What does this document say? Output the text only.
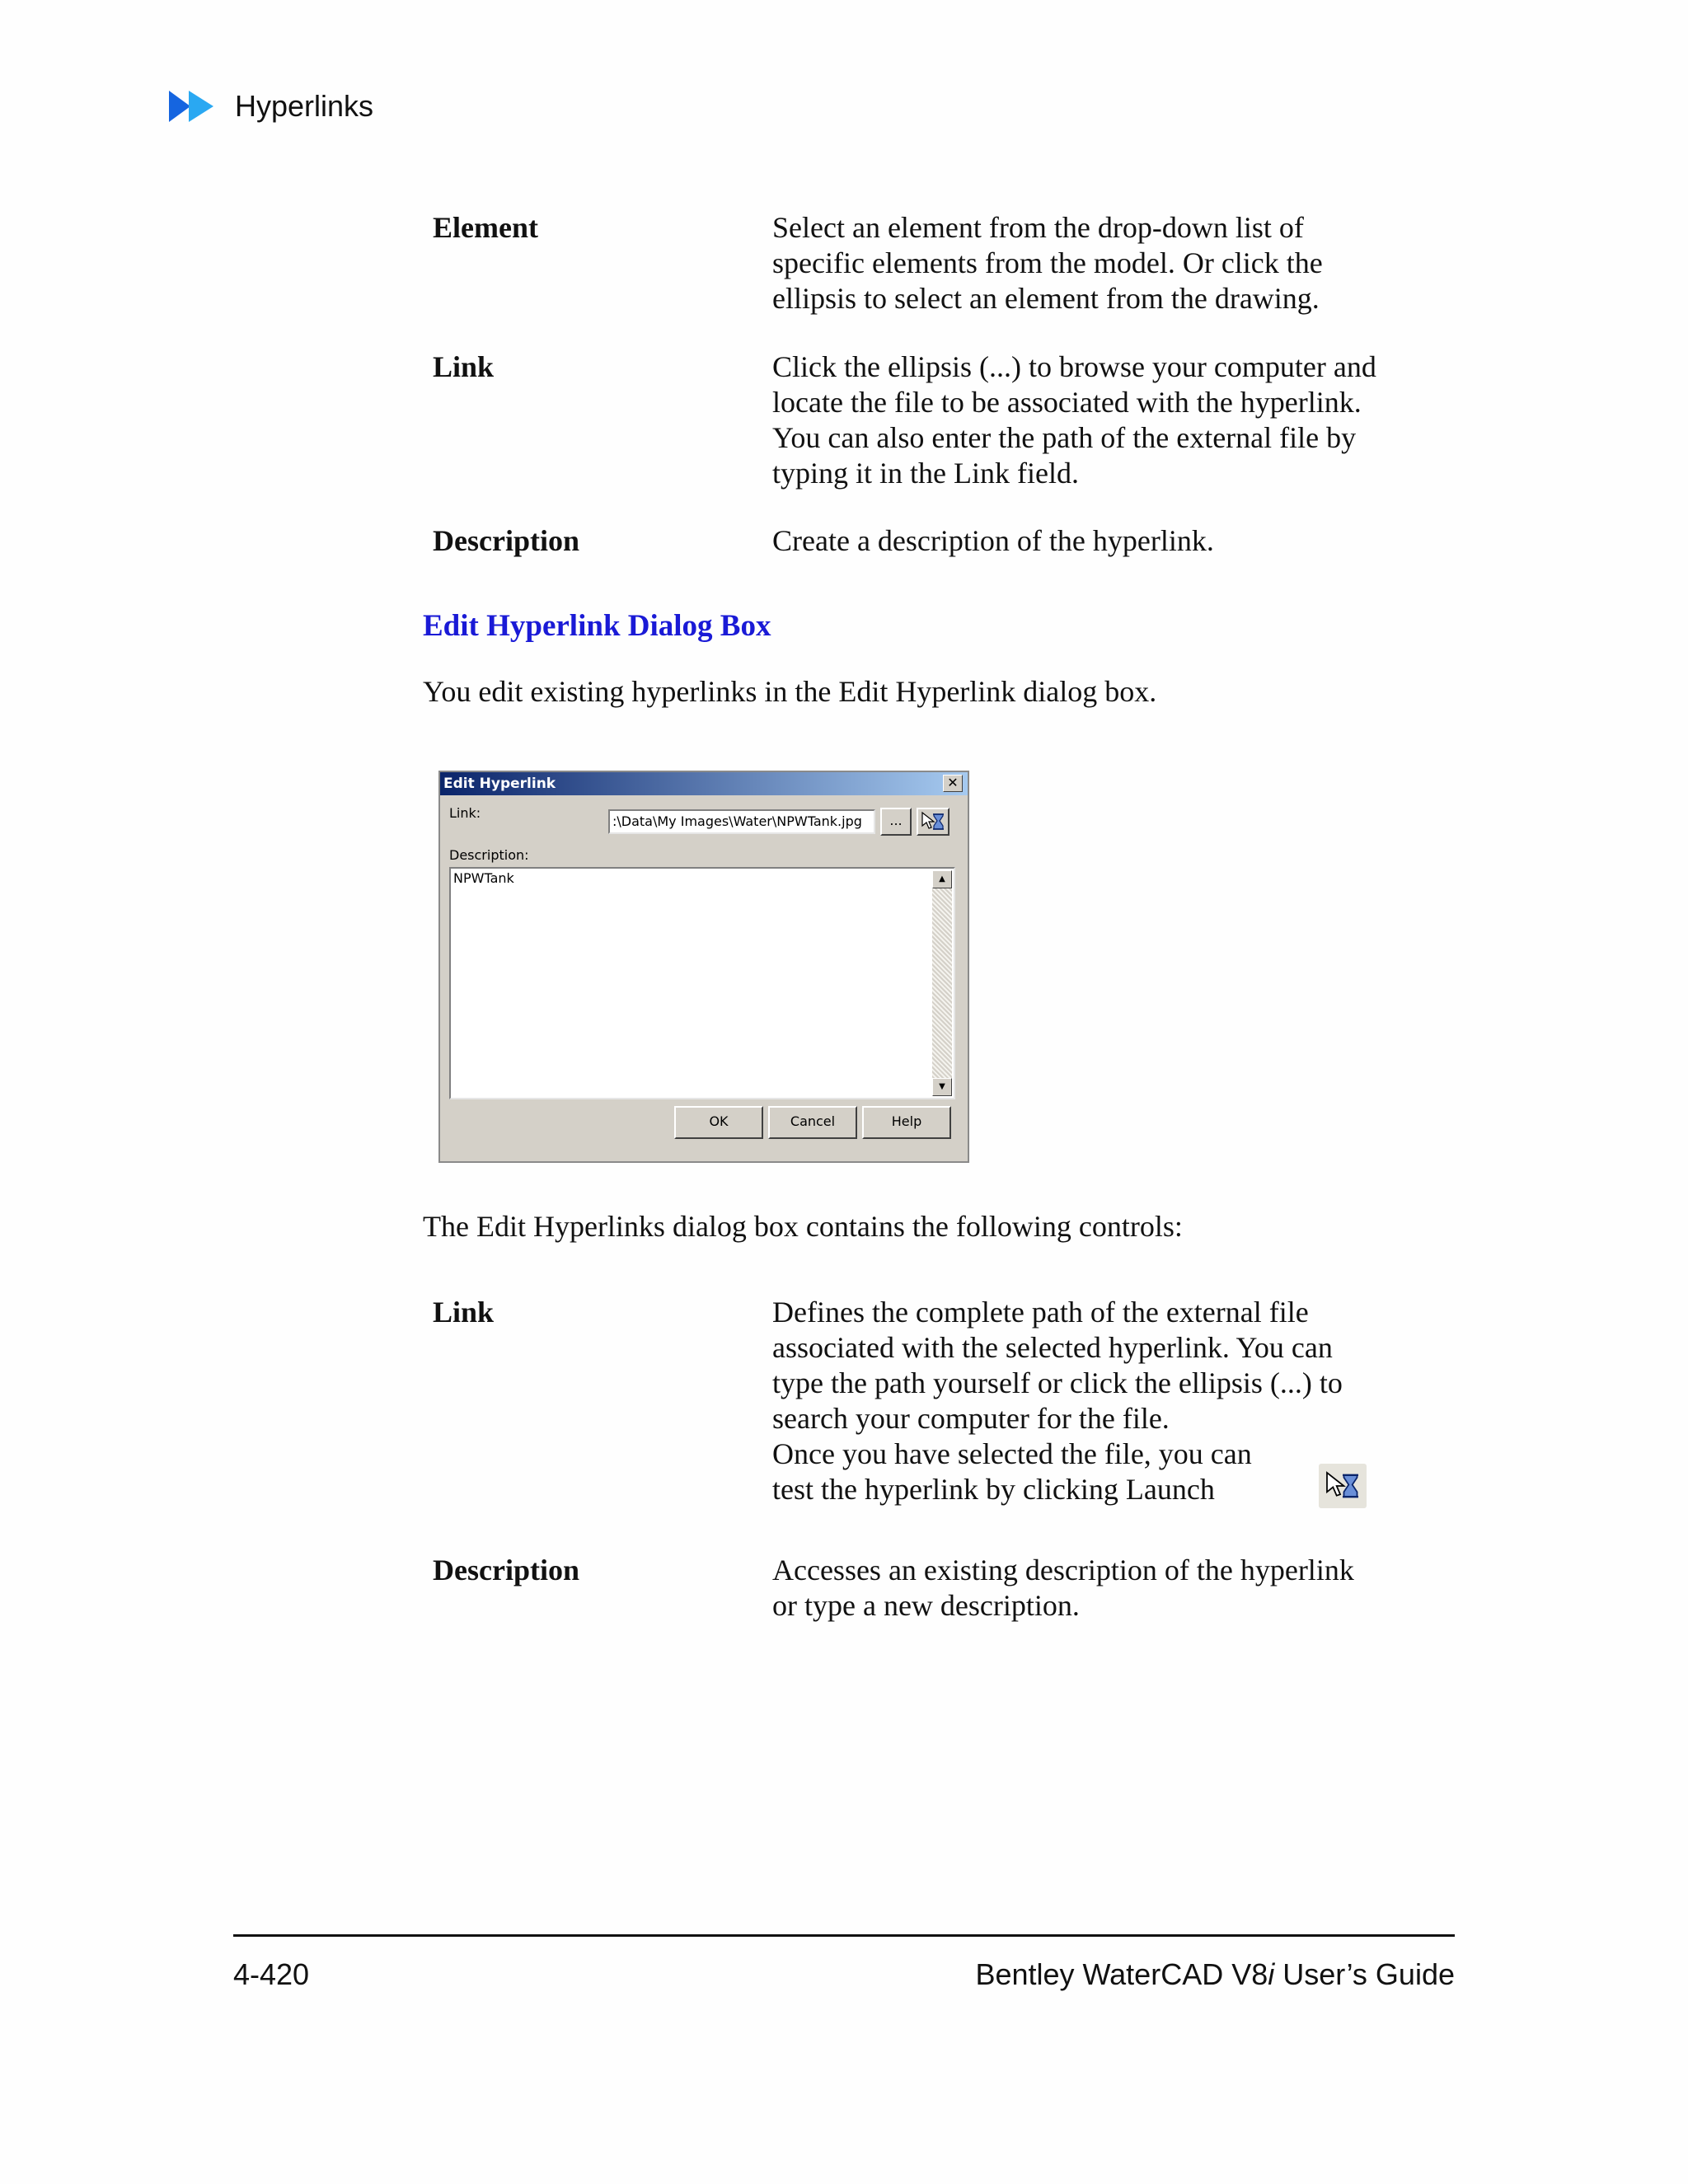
Hyperlinks
Element	Select an element from the drop-down list of
specific elements from the model. Or click the
ellipsis to select an element from the drawing.
Link	Click the ellipsis (...) to browse your computer and
locate the file to be associated with the hyperlink.
You can also enter the path of the external file by
typing it in the Link field.
Description	Create a description of the hyperlink.
Edit Hyperlink Dialog Box
You edit existing hyperlinks in the Edit Hyperlink dialog box.
Edit Hyperlink	✕
Link:
:\Data\My Images\Water\NPWTank.jpg	...
Description:
NPWTank	▲
▼
OK	Cancel	Help
The Edit Hyperlinks dialog box contains the following controls:
Link	Defines the complete path of the external file
associated with the selected hyperlink. You can
type the path yourself or click the ellipsis (...) to
search your computer for the file.
Once you have selected the file, you can
test the hyperlink by clicking Launch
Description	Accesses an existing description of the hyperlink
or type a new description.
4-420	Bentley WaterCAD V8i User’s Guide
